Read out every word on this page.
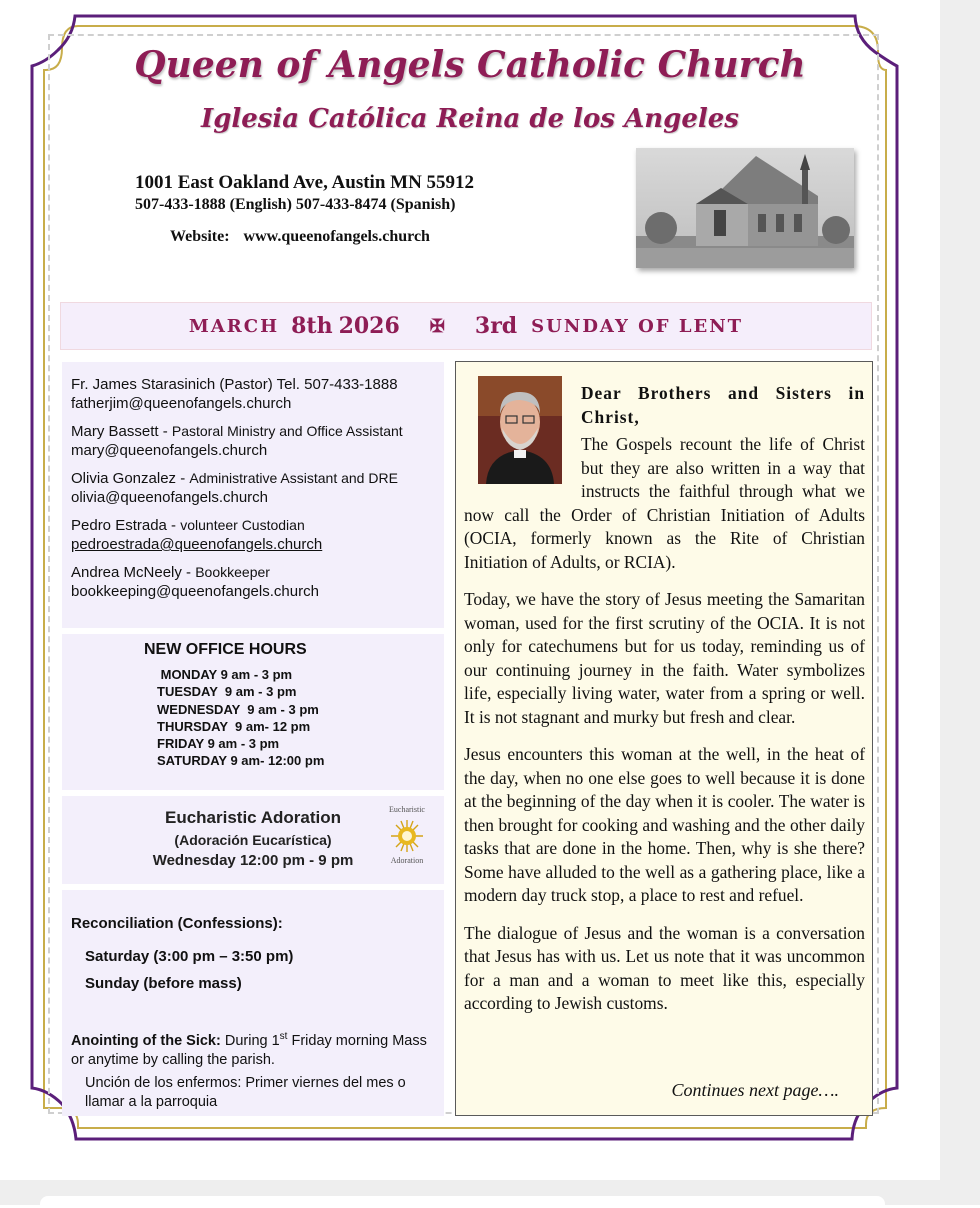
Queen of Angels Catholic Church
Iglesia Católica Reina de los Angeles
1001 East Oakland Ave, Austin MN 55912
507-433-1888 (English) 507-433-8474 (Spanish)
Website: www.queenofangels.church
MARCH 8th 2026 ✠ 3rd SUNDAY OF LENT
Fr. James Starasinich (Pastor) Tel. 507-433-1888
fatherjim@queenofangels.church
Mary Bassett - Pastoral Ministry and Office Assistant
mary@queenofangels.church
Olivia Gonzalez - Administrative Assistant and DRE
olivia@queenofangels.church
Pedro Estrada - volunteer Custodian
pedroestrada@queenofangels.church
Andrea McNeely - Bookkeeper
bookkeeping@queenofangels.church
NEW OFFICE HOURS
MONDAY 9 am - 3 pm
TUESDAY  9 am - 3 pm
WEDNESDAY  9 am - 3 pm
THURSDAY  9 am- 12 pm
FRIDAY 9 am - 3 pm
SATURDAY 9 am- 12:00 pm
Eucharistic Adoration
(Adoración Eucarística)
Wednesday 12:00 pm - 9 pm
Eucharistic
Adoration
Reconciliation (Confessions):
Saturday (3:00 pm – 3:50 pm)
Sunday (before mass)
Anointing of the Sick: During 1st Friday morning Mass or anytime by calling the parish.
Unción de los enfermos: Primer viernes del mes o llamar a la parroquia

Dear Brothers and Sisters in Christ,

The Gospels recount the life of Christ but they are also written in a way that instructs the faithful through what we now call the Order of Christian Initiation of Adults (OCIA, formerly known as the Rite of Christian Initiation of Adults, or RCIA).

Today, we have the story of Jesus meeting the Samaritan woman, used for the first scrutiny of the OCIA. It is not only for catechumens but for us today, reminding us of our continuing journey in the faith. Water symbolizes life, especially living water, water from a spring or well. It is not stagnant and murky but fresh and clear.

Jesus encounters this woman at the well, in the heat of the day, when no one else goes to well because it is done at the beginning of the day when it is cooler. The water is then brought for cooking and washing and the other daily tasks that are done in the home. Then, why is she there? Some have alluded to the well as a gathering place, like a modern day truck stop, a place to rest and refuel.

The dialogue of Jesus and the woman is a conversation that Jesus has with us. Let us note that it was uncommon for a man and a woman to meet like this, especially according to Jewish customs.

Continues next page….
